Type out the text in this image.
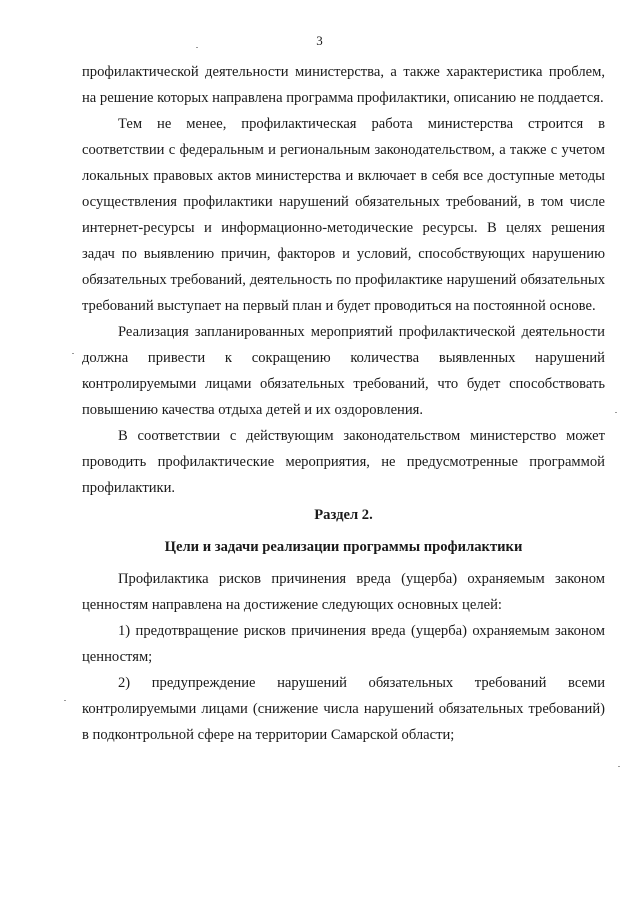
3

профилактической деятельности министерства, а также характеристика проблем, на решение которых направлена программа профилактики, описанию не поддается.

Тем не менее, профилактическая работа министерства строится в соответствии с федеральным и региональным законодательством, а также с учетом локальных правовых актов министерства и включает в себя все доступные методы осуществления профилактики нарушений обязательных требований, в том числе интернет-ресурсы и информационно-методические ресурсы. В целях решения задач по выявлению причин, факторов и условий, способствующих нарушению обязательных требований, деятельность по профилактике нарушений обязательных требований выступает на первый план и будет проводиться на постоянной основе.

Реализация запланированных мероприятий профилактической деятельности должна привести к сокращению количества выявленных нарушений контролируемыми лицами обязательных требований, что будет способствовать повышению качества отдыха детей и их оздоровления.

В соответствии с действующим законодательством министерство может проводить профилактические мероприятия, не предусмотренные программой профилактики.

Раздел 2.

Цели и задачи реализации программы профилактики

Профилактика рисков причинения вреда (ущерба) охраняемым законом ценностям направлена на достижение следующих основных целей:

1) предотвращение рисков причинения вреда (ущерба) охраняемым законом ценностям;

2) предупреждение нарушений обязательных требований всеми контролируемыми лицами (снижение числа нарушений обязательных требований) в подконтрольной сфере на территории Самарской области;
